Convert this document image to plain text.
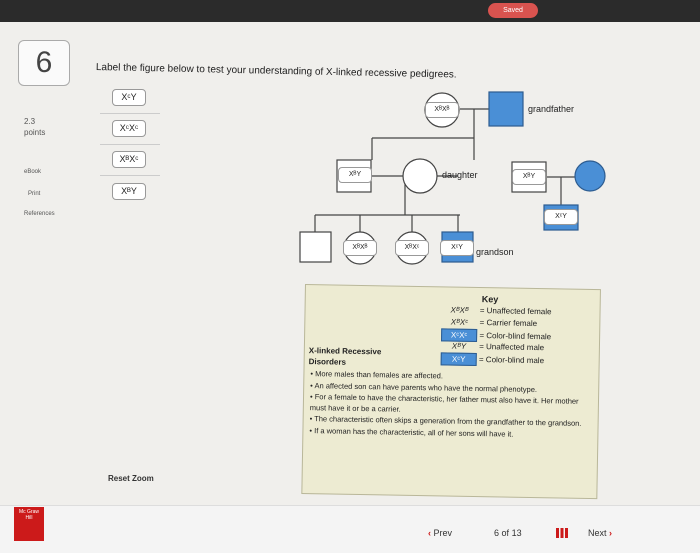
Saved
6
2.3
points
eBook
Print
References
Label the figure below to test your understanding of X-linked recessive pedigrees.
XᶜY
XᶜXᶜ
XᴮXᶜ
XᴮY
grandfather
daughter
grandson
XᴮXᴮ
XᴮY	XᴮY
XᶜY
XᴮXᴮ	XᴮXᶜ	XᶜY
Key
XᴮXᴮ = Unaffected female
XᴮXᶜ = Carrier female
XᶜXᶜ = Color-blind female
XᴮY = Unaffected male
XᶜY = Color-blind male
X-linked Recessive Disorders

• More males than females are affected.

• An affected son can have parents who have the normal phenotype.

• For a female to have the characteristic, her father must also have it. Her mother must have it or be a carrier.

• The characteristic often skips a generation from the grandfather to the grandson.

• If a woman has the characteristic, all of her sons will have it.

Reset Zoom
Mc Graw Hill
‹ Prev	6 of 13	Next ›
